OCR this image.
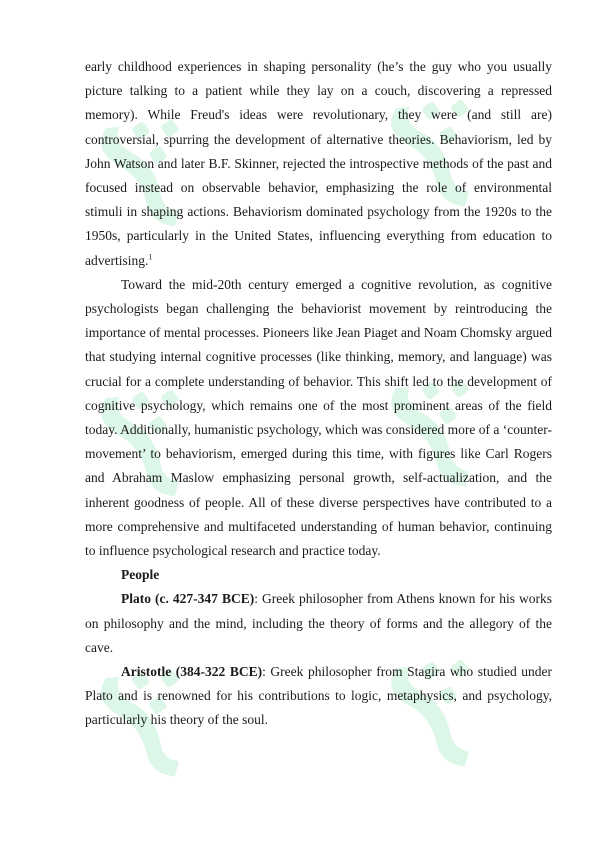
early childhood experiences in shaping personality (he’s the guy who you usually picture talking to a patient while they lay on a couch, discovering a repressed memory). While Freud's ideas were revolutionary, they were (and still are) controversial, spurring the development of alternative theories. Behaviorism, led by John Watson and later B.F. Skinner, rejected the introspective methods of the past and focused instead on observable behavior, emphasizing the role of environmental stimuli in shaping actions. Behaviorism dominated psychology from the 1920s to the 1950s, particularly in the United States, influencing everything from education to advertising.$^1$

Toward the mid-20th century emerged a cognitive revolution, as cognitive psychologists began challenging the behaviorist movement by reintroducing the importance of mental processes. Pioneers like Jean Piaget and Noam Chomsky argued that studying internal cognitive processes (like thinking, memory, and language) was crucial for a complete understanding of behavior. This shift led to the development of cognitive psychology, which remains one of the most prominent areas of the field today. Additionally, humanistic psychology, which was considered more of a ‘counter-movement’ to behaviorism, emerged during this time, with figures like Carl Rogers and Abraham Maslow emphasizing personal growth, self-actualization, and the inherent goodness of people. All of these diverse perspectives have contributed to a more comprehensive and multifaceted understanding of human behavior, continuing to influence psychological research and practice today.

People

Plato (c. 427-347 BCE): Greek philosopher from Athens known for his works on philosophy and the mind, including the theory of forms and the allegory of the cave.

Aristotle (384-322 BCE): Greek philosopher from Stagira who studied under Plato and is renowned for his contributions to logic, metaphysics, and psychology, particularly his theory of the soul.
